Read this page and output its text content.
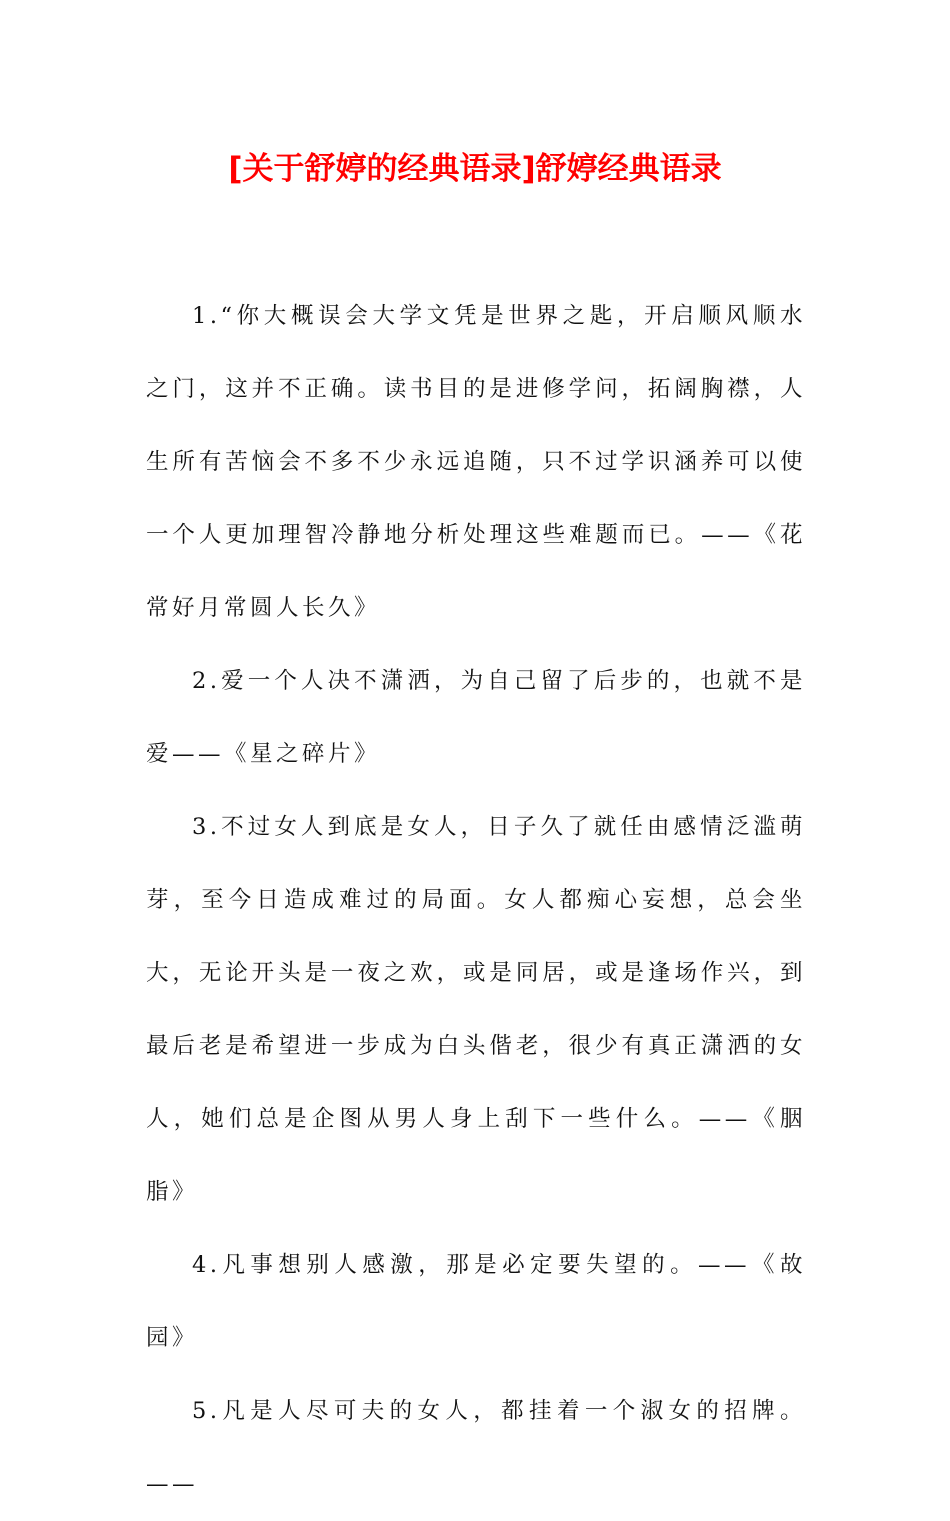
[关于舒婷的经典语录]舒婷经典语录

1.“你大概误会大学文凭是世界之匙，开启顺风顺水之门，这并不正确。读书目的是进修学问，拓阔胸襟，人生所有苦恼会不多不少永远追随，只不过学识涵养可以使一个人更加理智冷静地分析处理这些难题而已。——《花常好月常圆人长久》

2.爱一个人决不潇洒，为自己留了后步的，也就不是爱——《星之碎片》

3.不过女人到底是女人，日子久了就任由感情泛滥萌芽，至今日造成难过的局面。女人都痴心妄想，总会坐大，无论开头是一夜之欢，或是同居，或是逢场作兴，到最后老是希望进一步成为白头偕老，很少有真正潇洒的女人，她们总是企图从男人身上刮下一些什么。——《胭脂》

4.凡事想别人感激，那是必定要失望的。——《故园》

5.凡是人尽可夫的女人，都挂着一个淑女的招牌。——
